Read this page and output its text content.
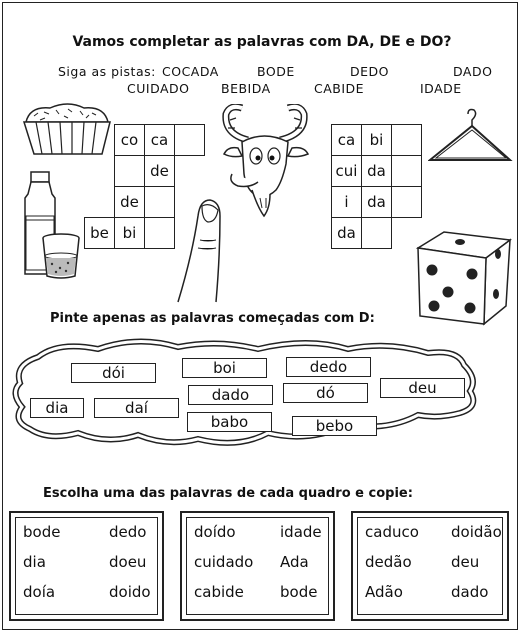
Vamos completar as palavras com DA, DE e DO?
Siga as pistas: COCADA	BODE	DEDO	DADO
CUIDADO	BEBIDA	CABIDE	IDADE
	co	ca	
		de	
	de		
be	bi		
ca	bi	
cui	da	
i	da	
da		
Pinte apenas as palavras começadas com D:
dói	boi	dedo
dado	dó	deu
dia	daí
babo	bebo
Escolha uma das palavras de cada quadro e copie:
bode	dedo
dia	doeu
doía	doido
doído	idade
cuidado Ada
cabide bode
caduco doidão
dedão	deu
Adão	dado
